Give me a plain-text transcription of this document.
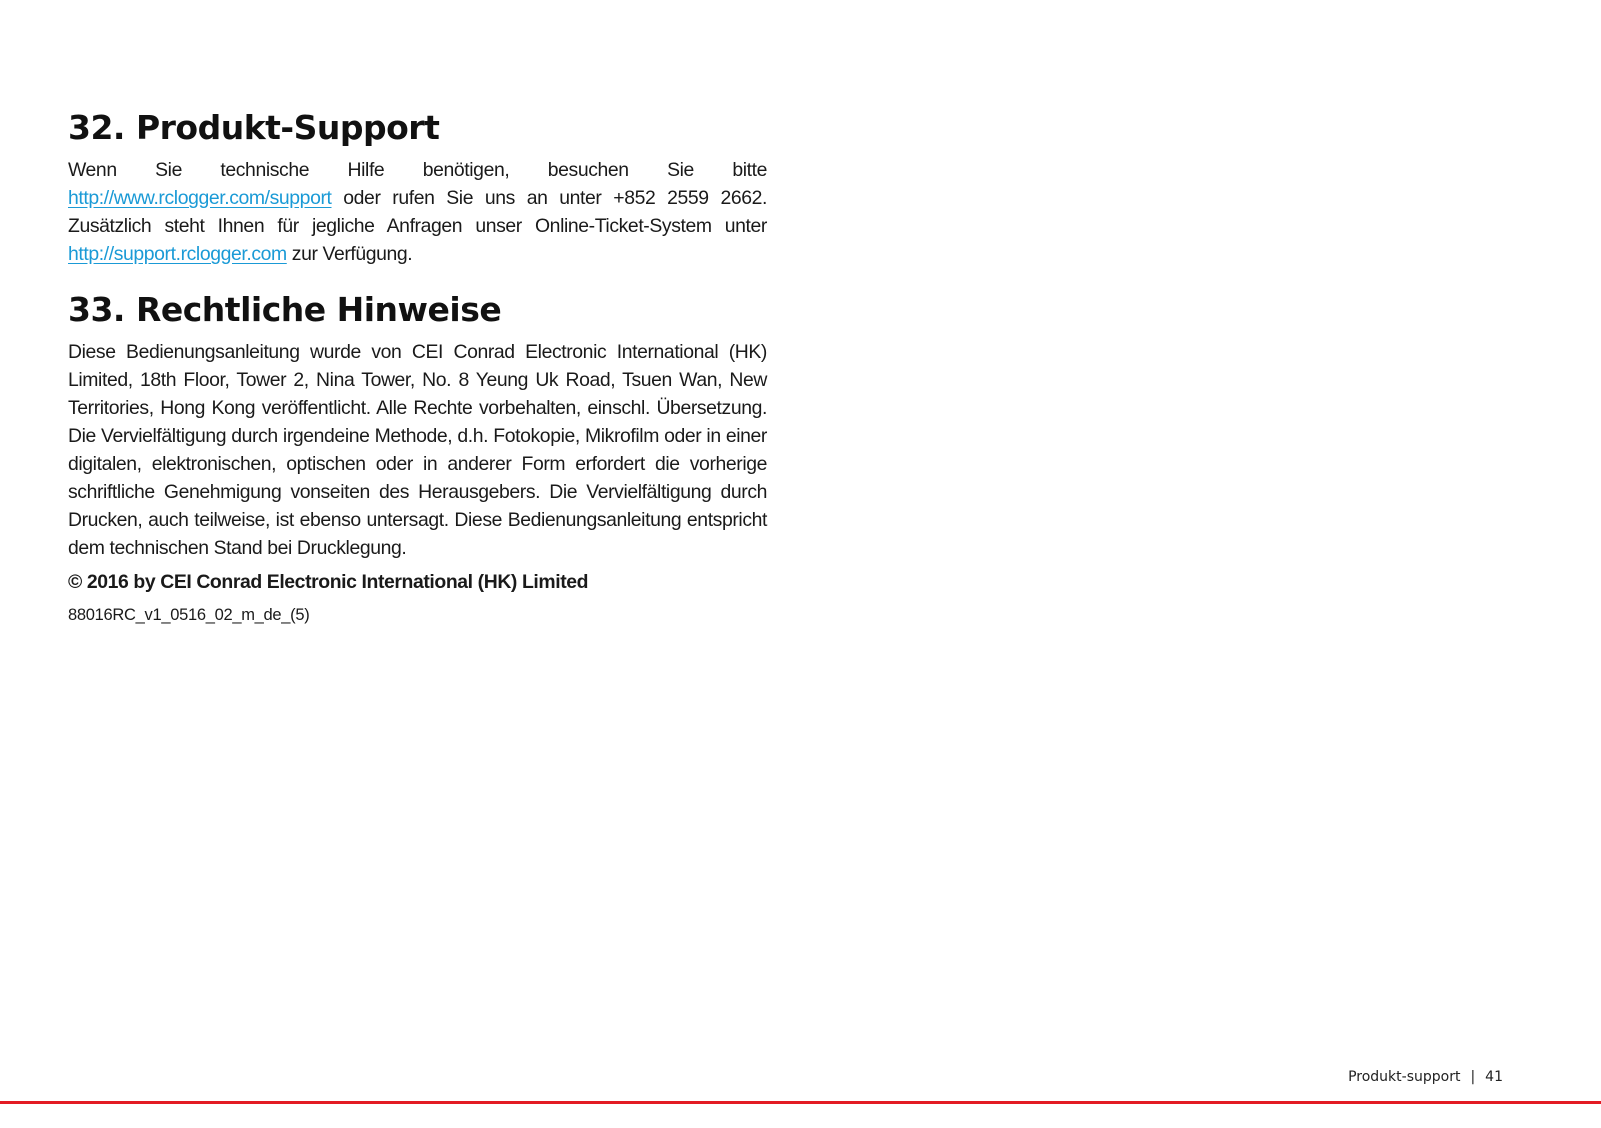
32. Produkt-Support

Wenn Sie technische Hilfe benötigen, besuchen Sie bitte http://www.rclogger.com/support oder rufen Sie uns an unter +852 2559 2662. Zusätzlich steht Ihnen für jegliche Anfragen unser Online-Ticket-System unter http://support.rclogger.com zur Verfügung.

33. Rechtliche Hinweise

Diese Bedienungsanleitung wurde von CEI Conrad Electronic International (HK) Limited, 18th Floor, Tower 2, Nina Tower, No. 8 Yeung Uk Road, Tsuen Wan, New Territories, Hong Kong veröffentlicht. Alle Rechte vorbehalten, einschl. Übersetzung. Die Vervielfältigung durch irgendeine Methode, d.h. Fotokopie, Mikrofilm oder in einer digitalen, elektronischen, optischen oder in anderer Form erfordert die vorherige schriftliche Genehmigung vonseiten des Herausgebers. Die Vervielfältigung durch Drucken, auch teilweise, ist ebenso untersagt. Diese Bedienungsanleitung entspricht dem technischen Stand bei Drucklegung.

© 2016 by CEI Conrad Electronic International (HK) Limited

88016RC_v1_0516_02_m_de_(5)

Produkt-support | 41
